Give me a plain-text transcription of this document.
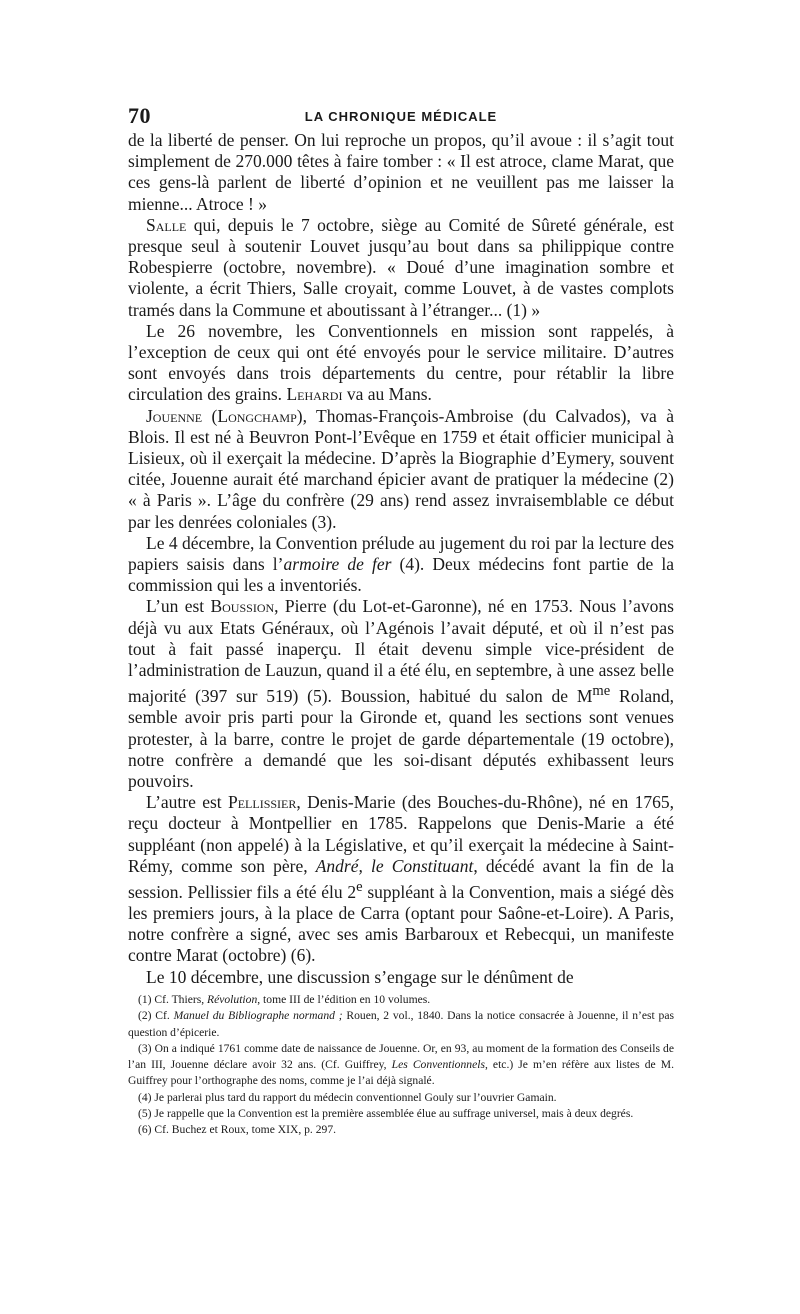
70	LA CHRONIQUE MÉDICALE

de la liberté de penser. On lui reproche un propos, qu’il avoue : il s’agit tout simplement de 270.000 têtes à faire tomber : « Il est atroce, clame Marat, que ces gens-là parlent de liberté d’opinion et ne veuillent pas me laisser la mienne... Atroce ! »

Salle qui, depuis le 7 octobre, siège au Comité de Sûreté générale, est presque seul à soutenir Louvet jusqu’au bout dans sa philippique contre Robespierre (octobre, novembre). « Doué d’une imagination sombre et violente, a écrit Thiers, Salle croyait, comme Louvet, à de vastes complots tramés dans la Commune et aboutissant à l’étranger... (1) »

Le 26 novembre, les Conventionnels en mission sont rappelés, à l’exception de ceux qui ont été envoyés pour le service militaire. D’autres sont envoyés dans trois départements du centre, pour rétablir la libre circulation des grains. Lehardi va au Mans.

Jouenne (Longchamp), Thomas-François-Ambroise (du Calvados), va à Blois. Il est né à Beuvron Pont-l’Evêque en 1759 et était officier municipal à Lisieux, où il exerçait la médecine. D’après la Biographie d’Eymery, souvent citée, Jouenne aurait été marchand épicier avant de pratiquer la médecine (2) « à Paris ». L’âge du confrère (29 ans) rend assez invraisemblable ce début par les denrées coloniales (3).

Le 4 décembre, la Convention prélude au jugement du roi par la lecture des papiers saisis dans l’armoire de fer (4). Deux médecins font partie de la commission qui les a inventoriés.

L’un est Boussion, Pierre (du Lot-et-Garonne), né en 1753. Nous l’avons déjà vu aux Etats Généraux, où l’Agénois l’avait député, et où il n’est pas tout à fait passé inaperçu. Il était devenu simple vice-président de l’administration de Lauzun, quand il a été élu, en septembre, à une assez belle majorité (397 sur 519) (5). Boussion, habitué du salon de $M^{me}$ Roland, semble avoir pris parti pour la Gironde et, quand les sections sont venues protester, à la barre, contre le projet de garde départementale (19 octobre), notre confrère a demandé que les soi-disant députés exhibassent leurs pouvoirs.

L’autre est Pellissier, Denis-Marie (des Bouches-du-Rhône), né en 1765, reçu docteur à Montpellier en 1785. Rappelons que Denis-Marie a été suppléant (non appelé) à la Législative, et qu’il exerçait la médecine à Saint-Rémy, comme son père, André, le Constituant, décédé avant la fin de la session. Pellissier fils a été élu 2e suppléant à la Convention, mais a siégé dès les premiers jours, à la place de Carra (optant pour Saône-et-Loire). A Paris, notre confrère a signé, avec ses amis Barbaroux et Rebecqui, un manifeste contre Marat (octobre) (6).

Le 10 décembre, une discussion s’engage sur le dénûment de

(1) Cf. Thiers, Révolution, tome III de l’édition en 10 volumes.

(2) Cf. Manuel du Bibliographe normand ; Rouen, 2 vol., 1840. Dans la notice consacrée à Jouenne, il n’est pas question d’épicerie.

(3) On a indiqué 1761 comme date de naissance de Jouenne. Or, en 93, au moment de la formation des Conseils de l’an III, Jouenne déclare avoir 32 ans. (Cf. Guiffrey, Les Conventionnels, etc.) Je m’en réfère aux listes de M. Guiffrey pour l’orthographe des noms, comme je l’ai déjà signalé.

(4) Je parlerai plus tard du rapport du médecin conventionnel Gouly sur l’ouvrier Gamain.

(5) Je rappelle que la Convention est la première assemblée élue au suffrage universel, mais à deux degrés.

(6) Cf. Buchez et Roux, tome XIX, p. 297.
